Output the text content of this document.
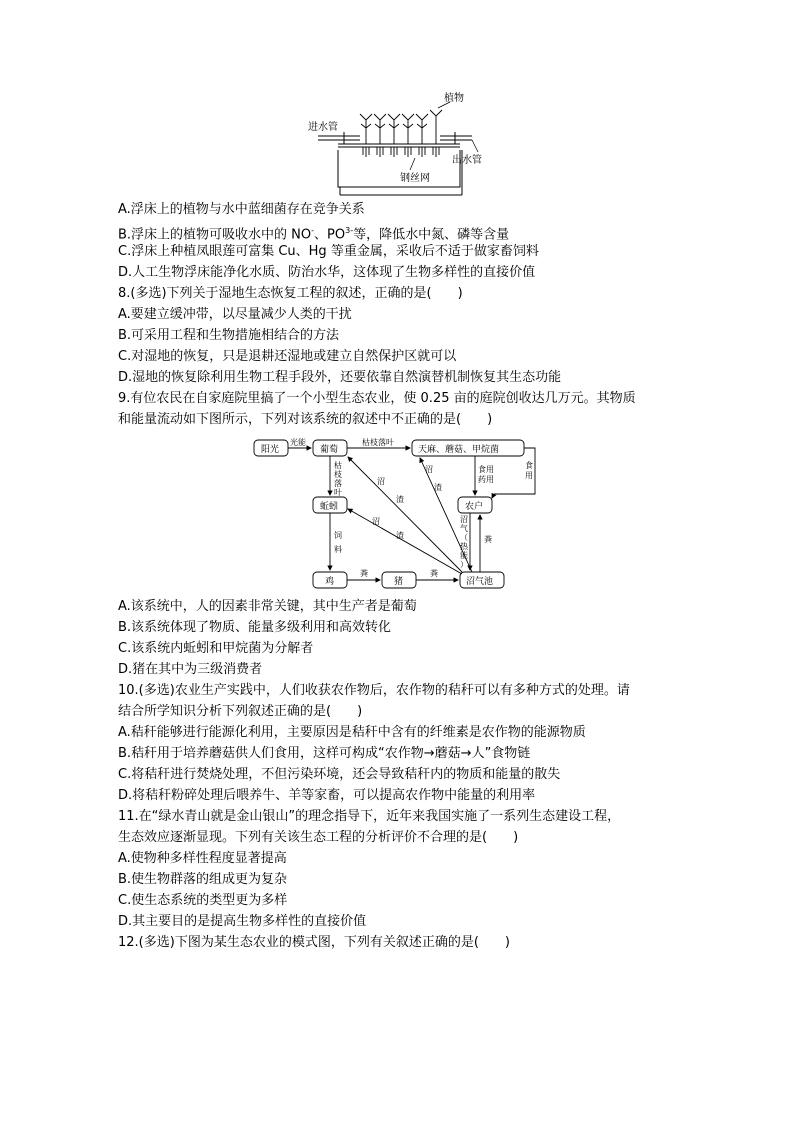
植物
进水管
出水管
钢丝网
A.浮床上的植物与水中蓝细菌存在竞争关系
B.浮床上的植物可吸收水中的 NO-、$PO^{3-}$等，降低水中氮、磷等含量
C.浮床上种植凤眼莲可富集 Cu、Hg 等重金属，采收后不适于做家畜饲料
D.人工生物浮床能净化水质、防治水华，这体现了生物多样性的直接价值
8.(多选)下列关于湿地生态恢复工程的叙述，正确的是(　　)
A.要建立缓冲带，以尽量减少人类的干扰
B.可采用工程和生物措施相结合的方法
C.对湿地的恢复，只是退耕还湿地或建立自然保护区就可以
D.湿地的恢复除利用生物工程手段外，还要依靠自然演替机制恢复其生态功能
9.有位农民在自家庭院里搞了一个小型生态农业，使 0.25 亩的庭院创收达几万元。其物质
和能量流动如下图所示，下列对该系统的叙述中不正确的是(　　)
阳光	葡萄	天麻、蘑菇、甲烷菌
蚯蚓	农户
鸡	猪	沼气池
光能	枯枝落叶
枯
枝
落
叶
饲
料
粪	粪
食用
药用
食
用
沼
渣
沼
渣
沼
渣
沼
气
（
热
能
）
粪
A.该系统中，人的因素非常关键，其中生产者是葡萄
B.该系统体现了物质、能量多级利用和高效转化
C.该系统内蚯蚓和甲烷菌为分解者
D.猪在其中为三级消费者
10.(多选)农业生产实践中，人们收获农作物后，农作物的秸秆可以有多种方式的处理。请
结合所学知识分析下列叙述正确的是(　　)
A.秸秆能够进行能源化利用，主要原因是秸秆中含有的纤维素是农作物的能源物质
B.秸秆用于培养蘑菇供人们食用，这样可构成“农作物→蘑菇→人”食物链
C.将秸秆进行焚烧处理，不但污染环境，还会导致秸秆内的物质和能量的散失
D.将秸秆粉碎处理后喂养牛、羊等家畜，可以提高农作物中能量的利用率
11.在“绿水青山就是金山银山”的理念指导下，近年来我国实施了一系列生态建设工程，
生态效应逐渐显现。下列有关该生态工程的分析评价不合理的是(　　)
A.使物种多样性程度显著提高
B.使生物群落的组成更为复杂
C.使生态系统的类型更为多样
D.其主要目的是提高生物多样性的直接价值
12.(多选)下图为某生态农业的模式图，下列有关叙述正确的是(　　)
